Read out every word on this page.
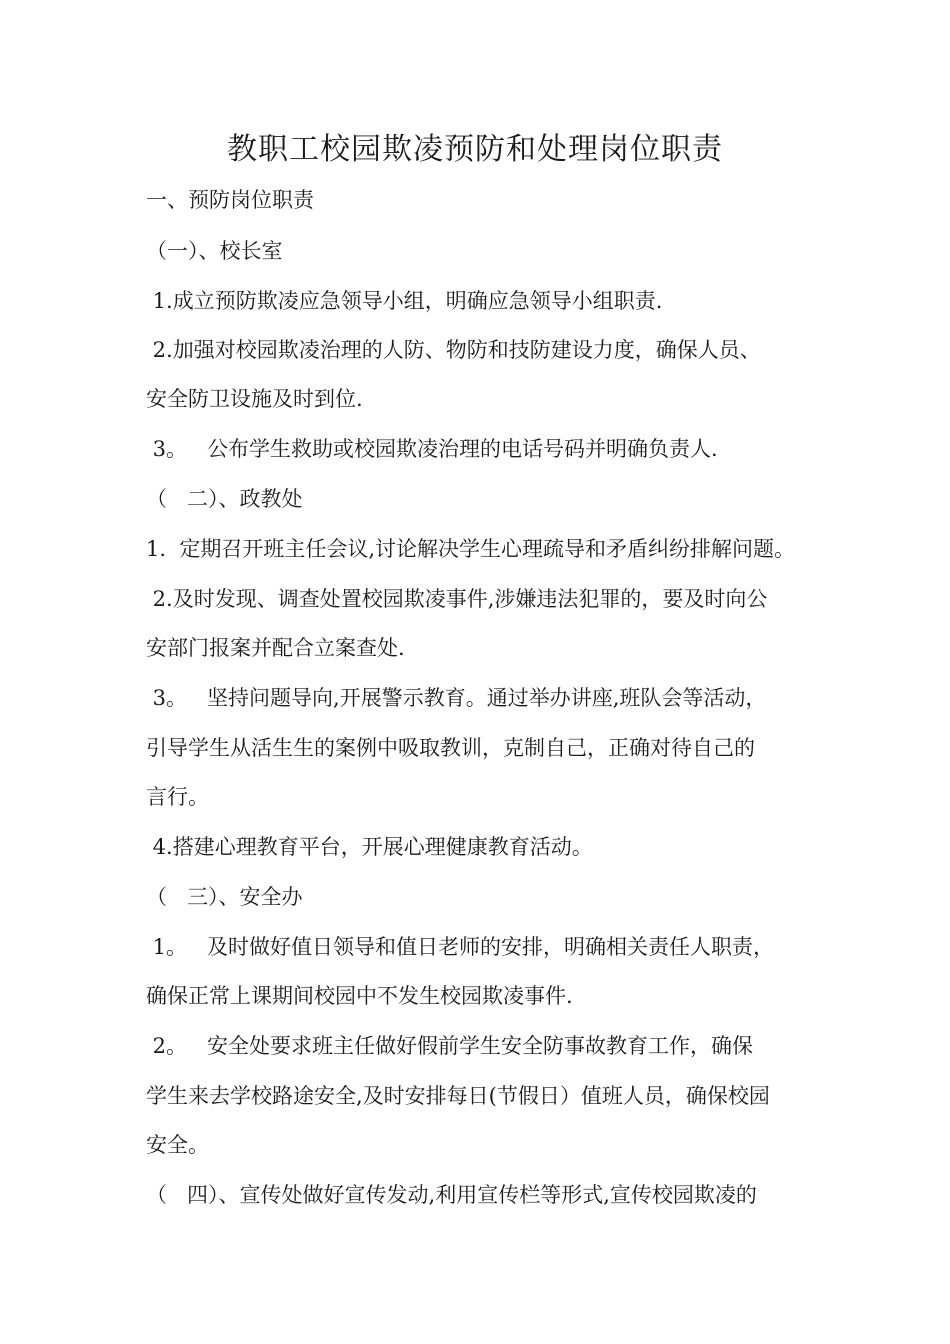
教职工校园欺凌预防和处理岗位职责
一、预防岗位职责
（一）、校长室
1.成立预防欺凌应急领导小组，明确应急领导小组职责.
2.加强对校园欺凌治理的人防、物防和技防建设力度，确保人员、
安全防卫设施及时到位.
3。   公布学生救助或校园欺凌治理的电话号码并明确负责人.
（   二）、政教处
1.  定期召开班主任会议,讨论解决学生心理疏导和矛盾纠纷排解问题。
2.及时发现、调查处置校园欺凌事件,涉嫌违法犯罪的，要及时向公
安部门报案并配合立案查处.
3。   坚持问题导向,开展警示教育。通过举办讲座,班队会等活动，
引导学生从活生生的案例中吸取教训，克制自己，正确对待自己的
言行。
4.搭建心理教育平台，开展心理健康教育活动。
（   三）、安全办
1。   及时做好值日领导和值日老师的安排，明确相关责任人职责，
确保正常上课期间校园中不发生校园欺凌事件.
2。   安全处要求班主任做好假前学生安全防事故教育工作，确保
学生来去学校路途安全,及时安排每日(节假日）值班人员，确保校园
安全。
（   四）、宣传处做好宣传发动,利用宣传栏等形式,宣传校园欺凌的
